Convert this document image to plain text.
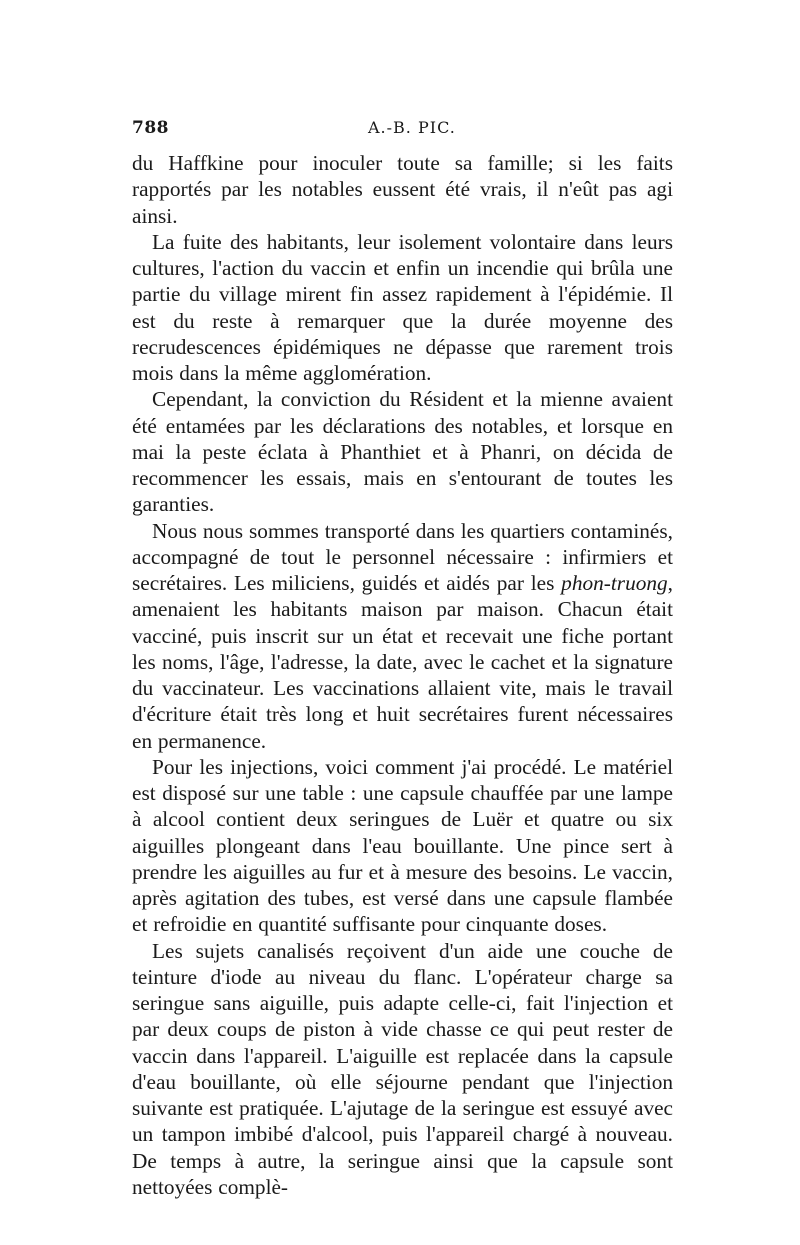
788	A.-B. PIC.

du Haffkine pour inoculer toute sa famille; si les faits rapportés par les notables eussent été vrais, il n'eût pas agi ainsi.

La fuite des habitants, leur isolement volontaire dans leurs cultures, l'action du vaccin et enfin un incendie qui brûla une partie du village mirent fin assez rapidement à l'épidémie. Il est du reste à remarquer que la durée moyenne des recrudescences épidémiques ne dépasse que rarement trois mois dans la même agglomération.

Cependant, la conviction du Résident et la mienne avaient été entamées par les déclarations des notables, et lorsque en mai la peste éclata à Phanthiet et à Phanri, on décida de recommencer les essais, mais en s'entourant de toutes les garanties.

Nous nous sommes transporté dans les quartiers contaminés, accompagné de tout le personnel nécessaire : infirmiers et secrétaires. Les miliciens, guidés et aidés par les phon-truong, amenaient les habitants maison par maison. Chacun était vacciné, puis inscrit sur un état et recevait une fiche portant les noms, l'âge, l'adresse, la date, avec le cachet et la signature du vaccinateur. Les vaccinations allaient vite, mais le travail d'écriture était très long et huit secrétaires furent nécessaires en permanence.

Pour les injections, voici comment j'ai procédé. Le matériel est disposé sur une table : une capsule chauffée par une lampe à alcool contient deux seringues de Luër et quatre ou six aiguilles plongeant dans l'eau bouillante. Une pince sert à prendre les aiguilles au fur et à mesure des besoins. Le vaccin, après agitation des tubes, est versé dans une capsule flambée et refroidie en quantité suffisante pour cinquante doses.

Les sujets canalisés reçoivent d'un aide une couche de teinture d'iode au niveau du flanc. L'opérateur charge sa seringue sans aiguille, puis adapte celle-ci, fait l'injection et par deux coups de piston à vide chasse ce qui peut rester de vaccin dans l'appareil. L'aiguille est replacée dans la capsule d'eau bouillante, où elle séjourne pendant que l'injection suivante est pratiquée. L'ajutage de la seringue est essuyé avec un tampon imbibé d'alcool, puis l'appareil chargé à nouveau. De temps à autre, la seringue ainsi que la capsule sont nettoyées complè-
